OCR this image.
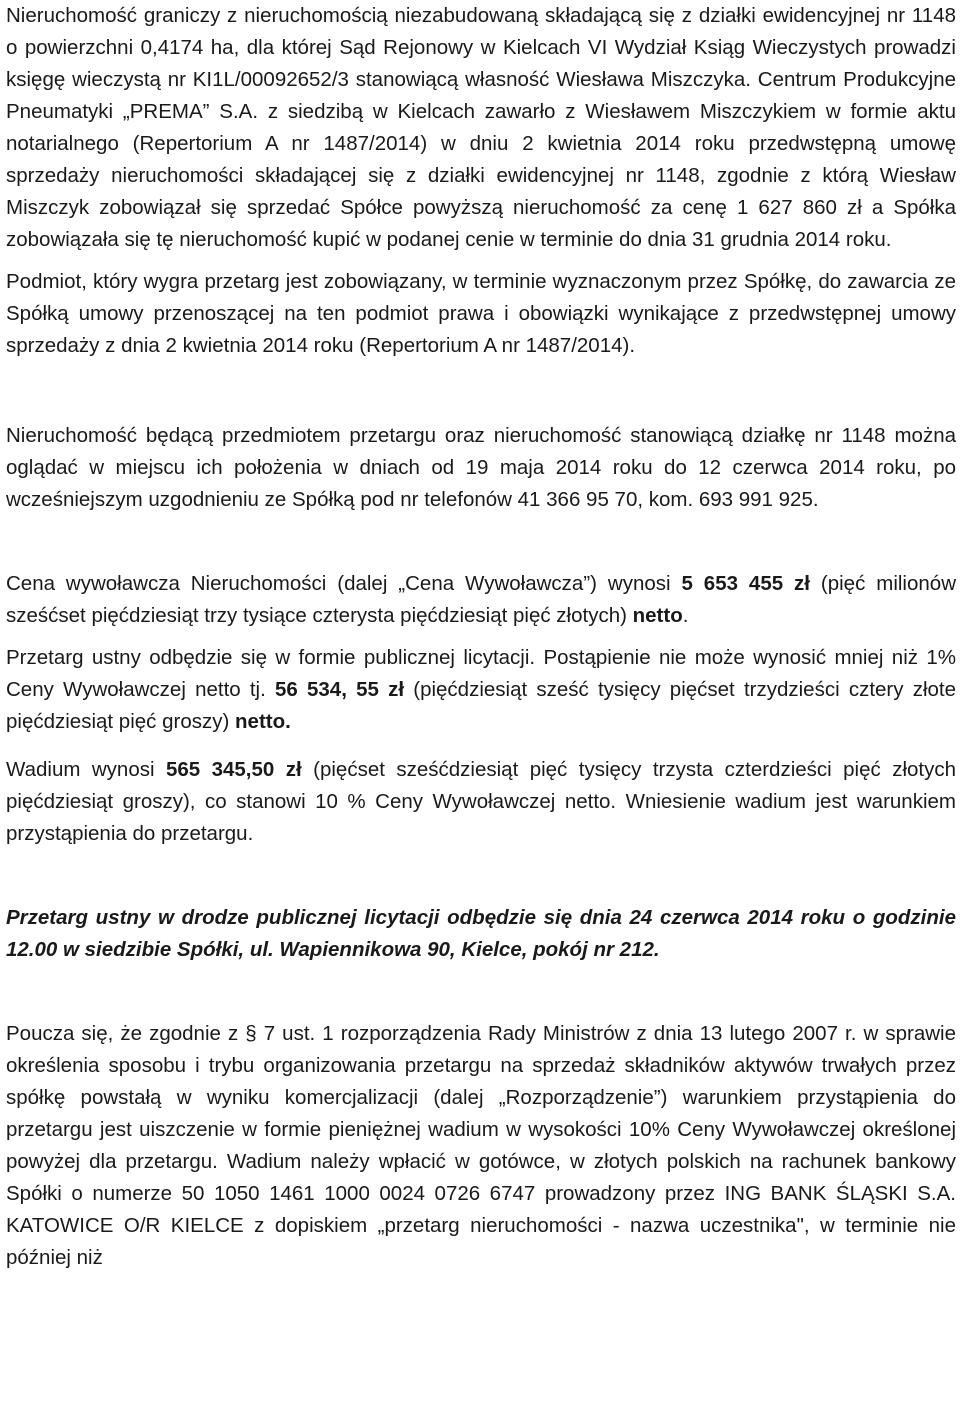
Nieruchomość graniczy z nieruchomością niezabudowaną składającą się z działki ewidencyjnej nr 1148 o powierzchni 0,4174 ha, dla której Sąd Rejonowy w Kielcach VI Wydział Ksiąg Wieczystych prowadzi księgę wieczystą nr KI1L/00092652/3 stanowiącą własność Wiesława Miszczyka. Centrum Produkcyjne Pneumatyki „PREMA” S.A. z siedzibą w Kielcach zawarło z Wiesławem Miszczykiem w formie aktu notarialnego (Repertorium A nr 1487/2014) w dniu 2 kwietnia 2014 roku przedwstępną umowę sprzedaży nieruchomości składającej się z działki ewidencyjnej nr 1148, zgodnie z którą Wiesław Miszczyk zobowiązał się sprzedać Spółce powyższą nieruchomość za cenę 1 627 860 zł a Spółka zobowiązała się tę nieruchomość kupić w podanej cenie w terminie do dnia 31 grudnia 2014 roku.

Podmiot, który wygra przetarg jest zobowiązany, w terminie wyznaczonym przez Spółkę, do zawarcia ze Spółką umowy przenoszącej na ten podmiot prawa i obowiązki wynikające z przedwstępnej umowy sprzedaży z dnia 2 kwietnia 2014 roku (Repertorium A nr 1487/2014).

Nieruchomość będącą przedmiotem przetargu oraz nieruchomość stanowiącą działkę nr 1148 można oglądać w miejscu ich położenia w dniach od 19 maja 2014 roku do 12 czerwca 2014 roku, po wcześniejszym uzgodnieniu ze Spółką pod nr telefonów 41 366 95 70, kom. 693 991 925.

Cena wywoławcza Nieruchomości (dalej „Cena Wywoławcza”) wynosi 5 653 455 zł (pięć milionów sześćset pięćdziesiąt trzy tysiące czterysta pięćdziesiąt pięć złotych) netto.

Przetarg ustny odbędzie się w formie publicznej licytacji. Postąpienie nie może wynosić mniej niż 1% Ceny Wywoławczej netto tj. 56 534, 55 zł (pięćdziesiąt sześć tysięcy pięćset trzydzieści cztery złote pięćdziesiąt pięć groszy) netto.

Wadium wynosi 565 345,50 zł (pięćset sześćdziesiąt pięć tysięcy trzysta czterdzieści pięć złotych pięćdziesiąt groszy), co stanowi 10 % Ceny Wywoławczej netto. Wniesienie wadium jest warunkiem przystąpienia do przetargu.

Przetarg ustny w drodze publicznej licytacji odbędzie się dnia 24 czerwca 2014 roku o godzinie 12.00 w siedzibie Spółki, ul. Wapiennikowa 90, Kielce, pokój nr 212.

Poucza się, że zgodnie z § 7 ust. 1 rozporządzenia Rady Ministrów z dnia 13 lutego 2007 r. w sprawie określenia sposobu i trybu organizowania przetargu na sprzedaż składników aktywów trwałych przez spółkę powstałą w wyniku komercjalizacji (dalej „Rozporządzenie”) warunkiem przystąpienia do przetargu jest uiszczenie w formie pieniężnej wadium w wysokości 10% Ceny Wywoławczej określonej powyżej dla przetargu. Wadium należy wpłacić w gotówce, w złotych polskich na rachunek bankowy Spółki o numerze 50 1050 1461 1000 0024 0726 6747 prowadzony przez ING BANK ŚLĄSKI S.A. KATOWICE O/R KIELCE z dopiskiem „przetarg nieruchomości - nazwa uczestnika", w terminie nie później niż
